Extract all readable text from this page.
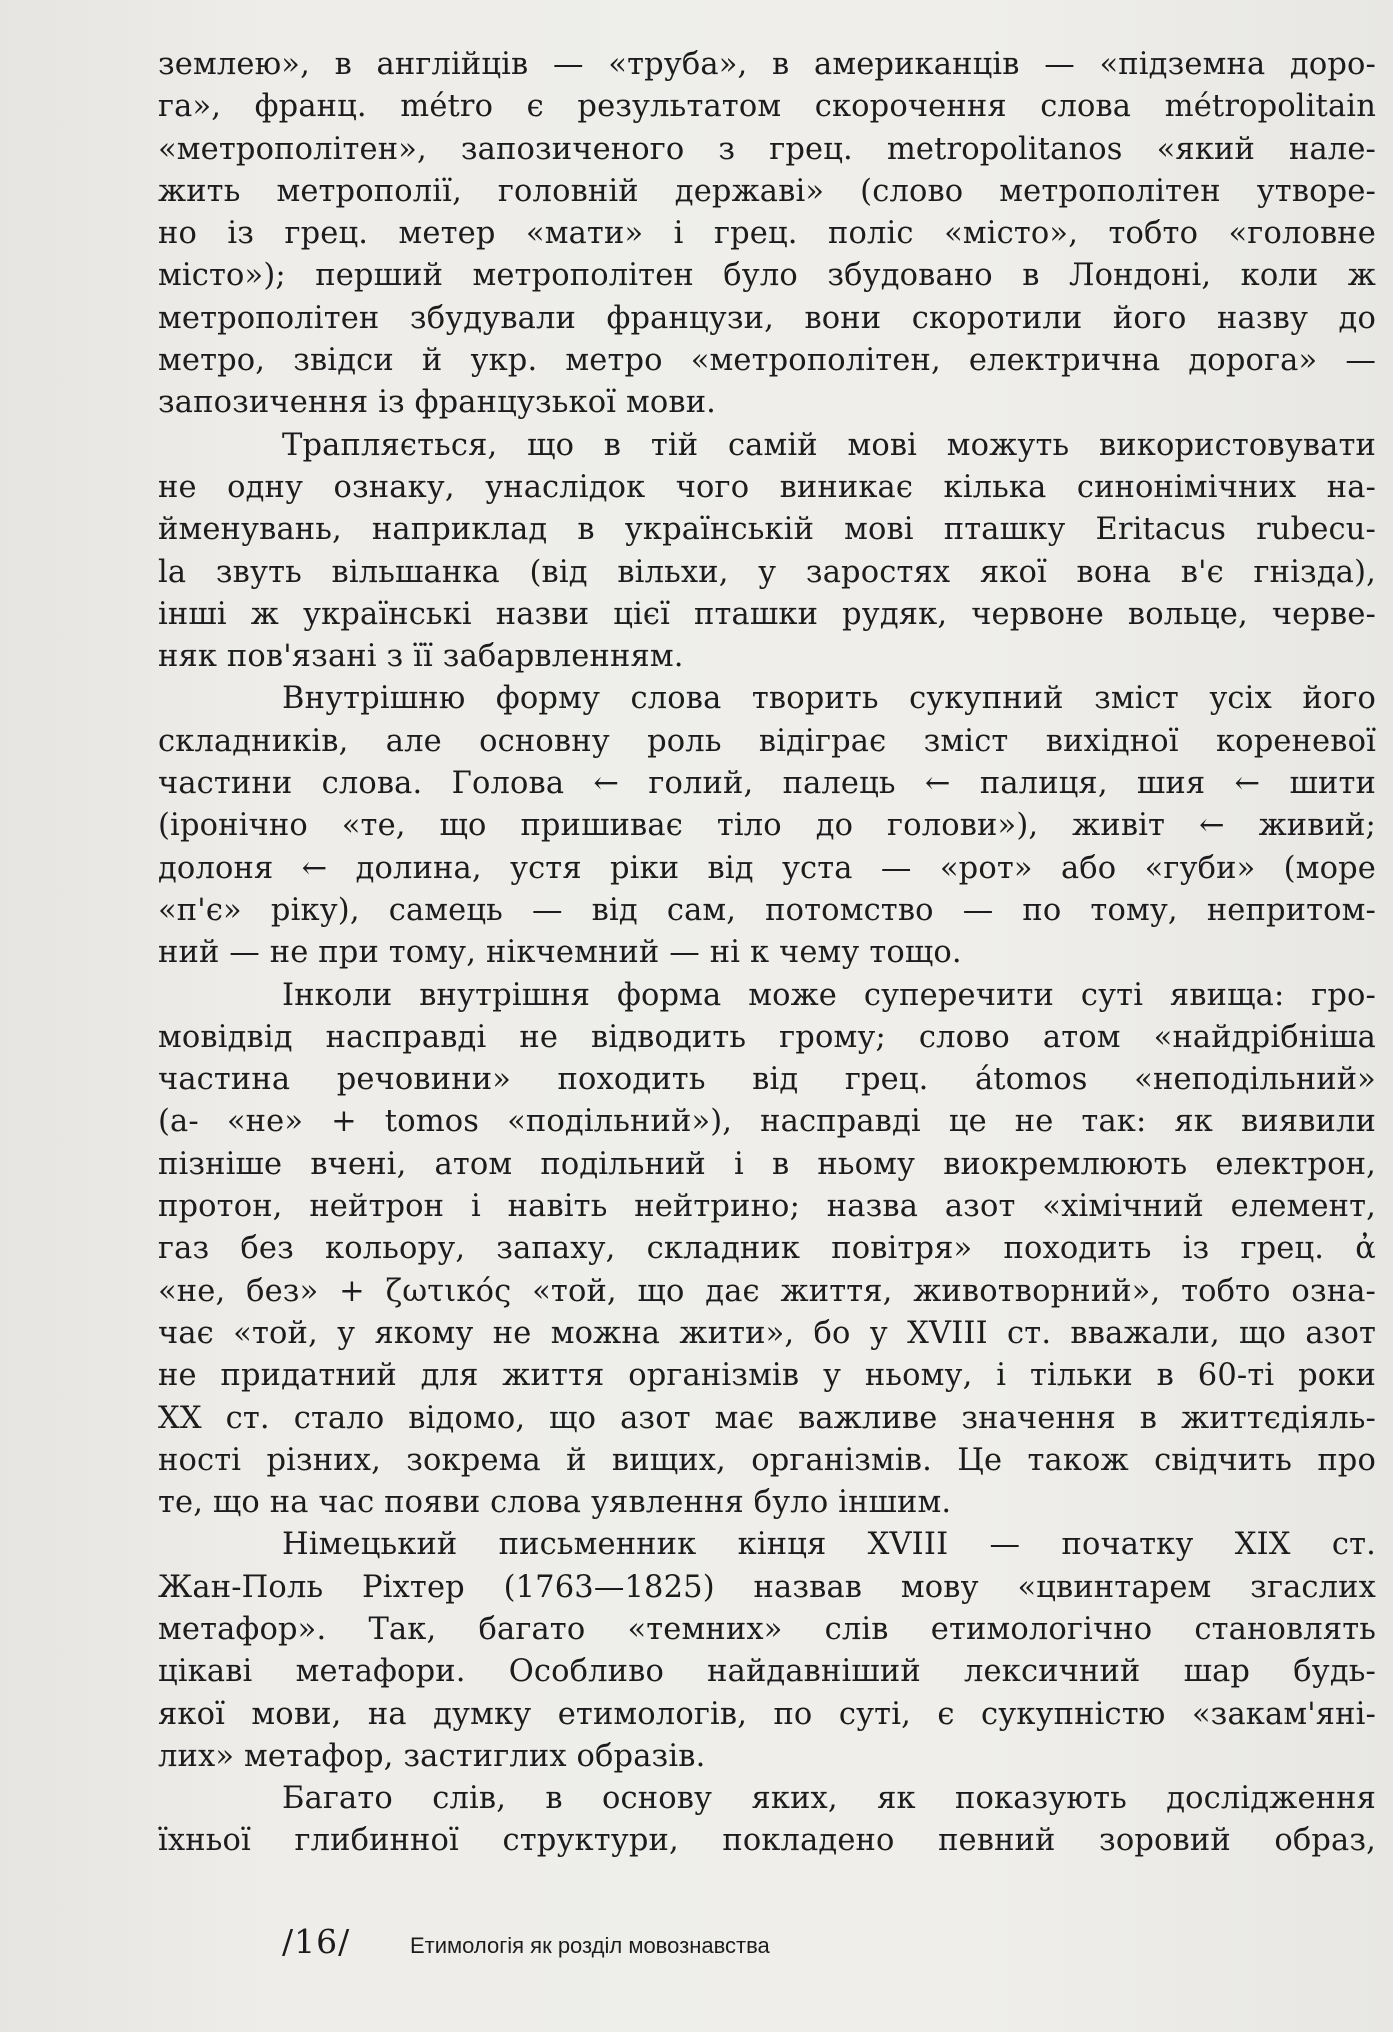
землею», в англійців — «труба», в американців — «підземна доро-
га», франц. métro є результатом скорочення слова métropolitain
«метрополітен», запозиченого з грец. metropolitanos «який нале-
жить метрополії, головній державі» (слово метрополітен утворе-
но із грец. метер «мати» і грец. поліс «місто», тобто «головне
місто»); перший метрополітен було збудовано в Лондоні, коли ж
метрополітен збудували французи, вони скоротили його назву до
метро, звідси й укр. метро «метрополітен, електрична дорога» —
запозичення із французької мови.
Трапляється, що в тій самій мові можуть використовувати
не одну ознаку, унаслідок чого виникає кілька синонімічних на-
йменувань, наприклад в українській мові пташку Eritacus rubecu-
la звуть вільшанка (від вільхи, у заростях якої вона в'є гнізда),
інші ж українські назви цієї пташки рудяк, червоне вольце, черве-
няк пов'язані з її забарвленням.
Внутрішню форму слова творить сукупний зміст усіх його
складників, але основну роль відіграє зміст вихідної кореневої
частини слова. Голова ← голий, палець ← палиця, шия ← шити
(іронічно «те, що пришиває тіло до голови»), живіт ← живий;
долоня ← долина, устя ріки від уста — «рот» або «губи» (море
«п'є» ріку), самець — від сам, потомство — по тому, непритом-
ний — не при тому, нікчемний — ні к чему тощо.
Інколи внутрішня форма може суперечити суті явища: гро-
мовідвід насправді не відводить грому; слово атом «найдрібніша
частина речовини» походить від грец. átomos «неподільний»
(а- «не» + tomos «подільний»), насправді це не так: як виявили
пізніше вчені, атом подільний і в ньому виокремлюють електрон,
протон, нейтрон і навіть нейтрино; назва азот «хімічний елемент,
газ без кольору, запаху, складник повітря» походить із грец. ἀ
«не, без» + ζωτικός «той, що дає життя, животворний», тобто озна-
чає «той, у якому не можна жити», бо у XVIII ст. вважали, що азот
не придатний для життя організмів у ньому, і тільки в 60-ті роки
XX ст. стало відомо, що азот має важливе значення в життєдіяль-
ності різних, зокрема й вищих, організмів. Це також свідчить про
те, що на час появи слова уявлення було іншим.
Німецький письменник кінця XVIII — початку XIX ст.
Жан-Поль Ріхтер (1763—1825) назвав мову «цвинтарем згаслих
метафор». Так, багато «темних» слів етимологічно становлять
цікаві метафори. Особливо найдавніший лексичний шар будь-
якої мови, на думку етимологів, по суті, є сукупністю «закам'яні-
лих» метафор, застиглих образів.
Багато слів, в основу яких, як показують дослідження
їхньої глибинної структури, покладено певний зоровий образ,
/16/	Етимологія як розділ мовознавства
